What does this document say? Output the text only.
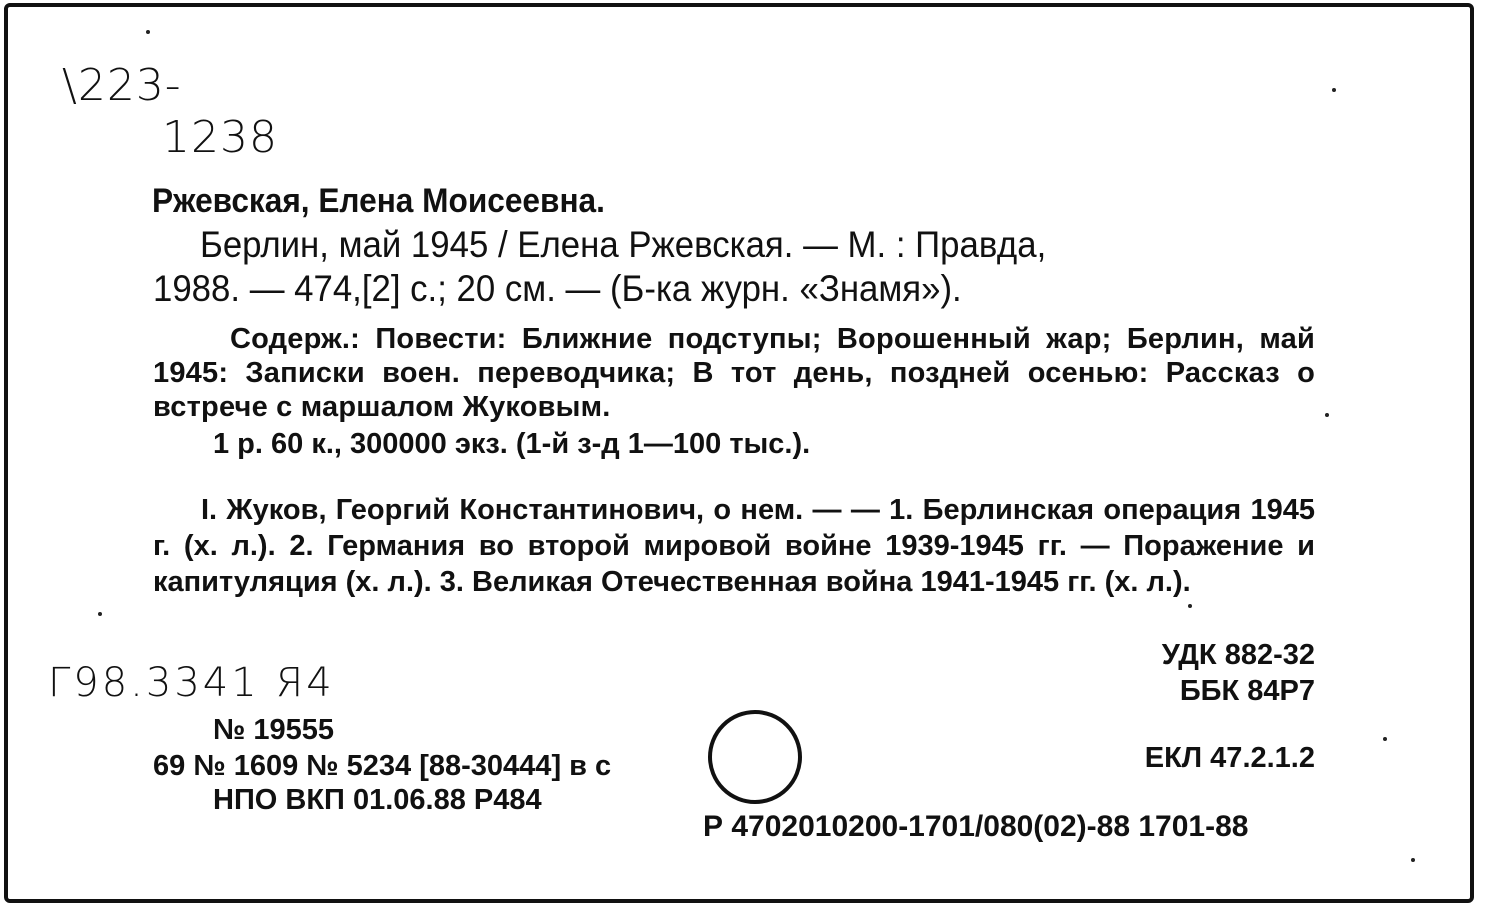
\223-
1238
Ржевская, Елена Моисеевна.
Берлин, май 1945 / Елена Ржевская. — М. : Правда,
1988. — 474,[2] с.; 20 см. — (Б-ка журн. «Знамя»).
Содерж.: Повести: Ближние подступы; Ворошенный жар; Берлин, май 1945: Записки воен. переводчика; В тот день, поздней осенью: Рассказ о встрече с маршалом Жуковым.
1 р. 60 к., 300000 экз. (1-й з-д 1—100 тыс.).
I. Жуков, Георгий Константинович, о нем. — — 1. Берлинская операция 1945 г. (х. л.). 2. Германия во второй мировой войне 1939-1945 гг. — Поражение и капитуляция (х. л.). 3. Великая Отечественная война 1941-1945 гг. (х. л.).
УДК 882-32
ББК 84Р7
Г98.3341 Я4
№ 19555
69 № 1609 № 5234 [88-30444] в с
НПО ВКП 01.06.88 Р484
ЕКЛ 47.2.1.2
Р 4702010200-1701/080(02)-88 1701-88
